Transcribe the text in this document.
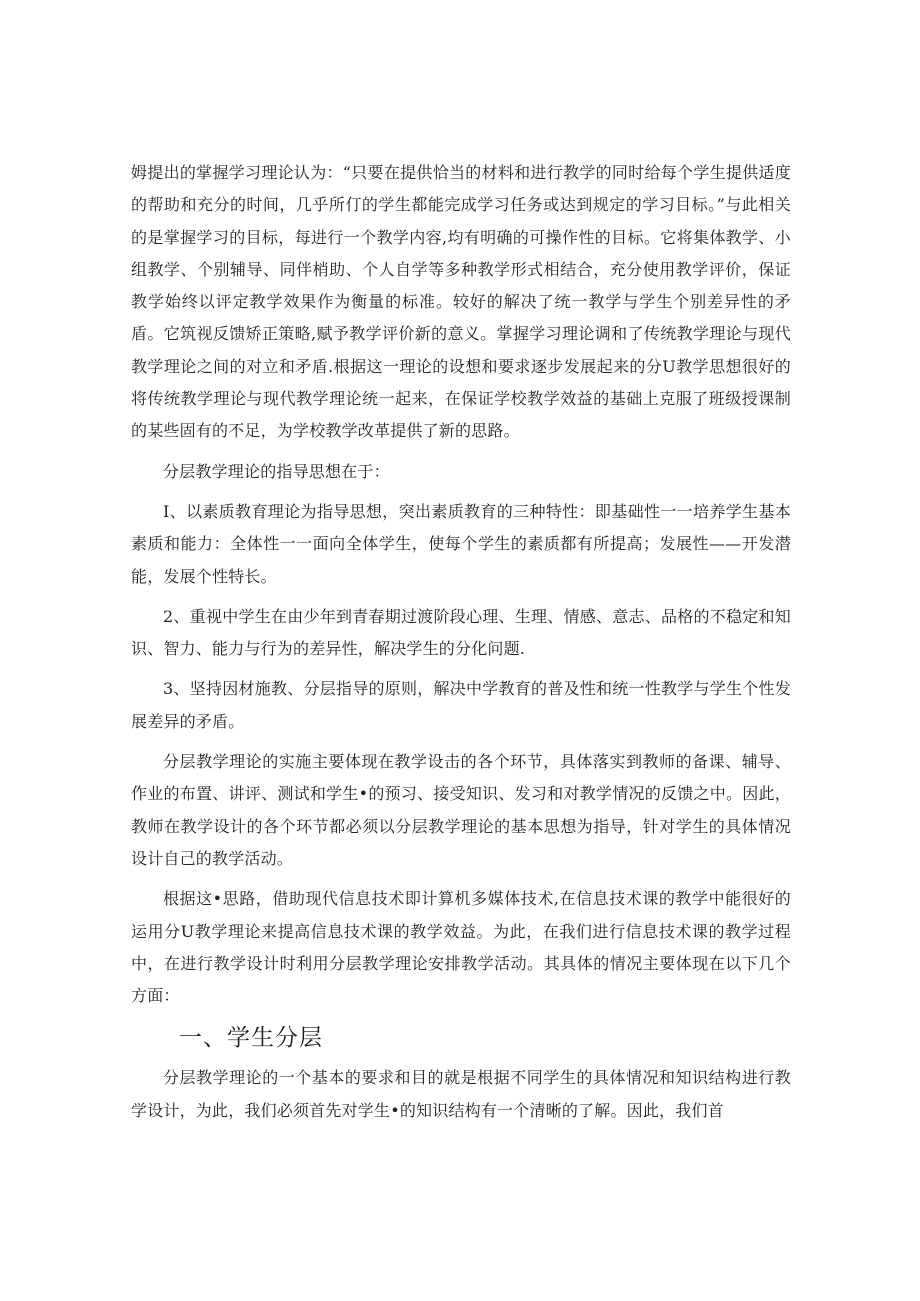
姆提出的掌握学习理论认为：“只要在提供恰当的材料和进行教学的同时给每个学生提供适度的帮助和充分的时间，几乎所仃的学生都能完成学习任务或达到规定的学习目标。”与此相关的是掌握学习的目标，每进行一个教学内容,均有明确的可操作性的目标。它将集体教学、小组教学、个别辅导、同伴梢助、个人自学等多种教学形式相结合，充分使用教学评价，保证教学始终以评定教学效果作为衡量的标准。较好的解决了统一教学与学生个别差异性的矛盾。它筑视反馈矫正策略,赋予教学评价新的意义。掌握学习理论调和了传统教学理论与现代教学理论之间的对立和矛盾.根据这一理论的设想和要求逐步发展起来的分U教学思想很好的将传统教学理论与现代教学理论统一起来，在保证学校教学效益的基础上克服了班级授课制的某些固有的不足，为学校教学改革提供了新的思路。

分层教学理论的指导思想在于：

I、以素质教育理论为指导思想，突出素质教育的三种特性：即基础性一一培养学生基本素质和能力：全体性一一面向全体学生，使每个学生的素质都有所提高；发展性——开发潜能，发展个性特长。

2、重视中学生在由少年到青春期过渡阶段心理、生理、情感、意志、品格的不稳定和知识、智力、能力与行为的差异性，解决学生的分化问题.

3、坚持因材施教、分层指导的原则，解决中学教育的普及性和统一性教学与学生个性发展差异的矛盾。

分层教学理论的实施主要体现在教学设击的各个环节，具体落实到教师的备课、辅导、作业的布置、讲评、测试和学生•的预习、接受知识、发习和对教学情况的反馈之中。因此，教师在教学设计的各个环节都必须以分层教学理论的基本思想为指导，针对学生的具体情况设计自己的教学活动。

根据这•思路，借助现代信息技术即计算机多媒体技术,在信息技术课的教学中能很好的运用分U教学理论来提高信息技术课的教学效益。为此，在我们进行信息技术课的教学过程中，在进行教学设计时利用分层教学理论安排教学活动。其具体的情况主要体现在以下几个方面：

一、学生分层

分层教学理论的一个基本的要求和目的就是根据不同学生的具体情况和知识结构进行教学设计，为此，我们必须首先对学生•的知识结构有一个清晰的了解。因此，我们首
